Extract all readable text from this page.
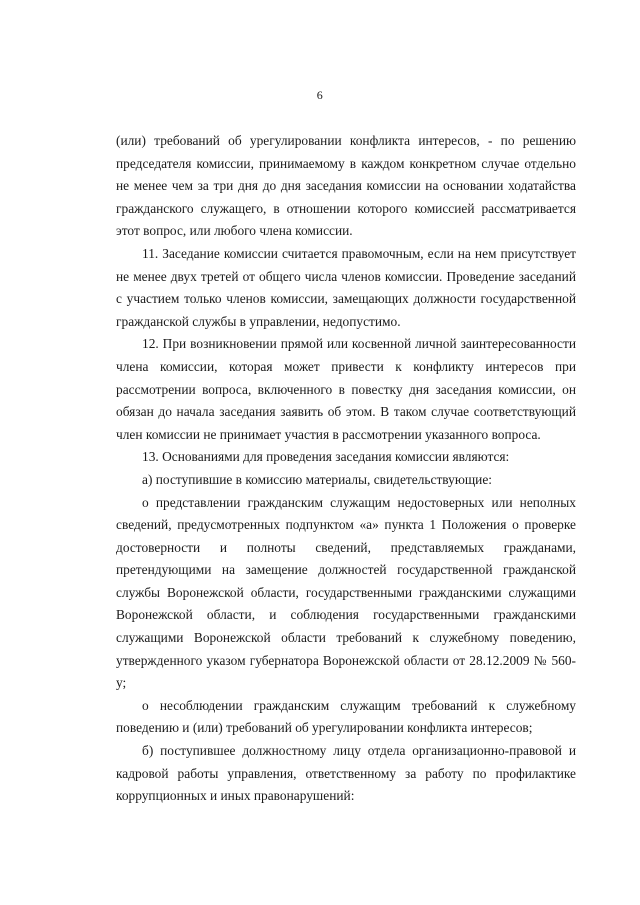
6

(или) требований об урегулировании конфликта интересов, - по решению председателя комиссии, принимаемому в каждом конкретном случае отдельно не менее чем за три дня до дня заседания комиссии на основании ходатайства гражданского служащего, в отношении которого комиссией рассматривается этот вопрос, или любого члена комиссии.

11. Заседание комиссии считается правомочным, если на нем присутствует не менее двух третей от общего числа членов комиссии. Проведение заседаний с участием только членов комиссии, замещающих должности государственной гражданской службы в управлении, недопустимо.

12. При возникновении прямой или косвенной личной заинтересованности члена комиссии, которая может привести к конфликту интересов при рассмотрении вопроса, включенного в повестку дня заседания комиссии, он обязан до начала заседания заявить об этом. В таком случае соответствующий член комиссии не принимает участия в рассмотрении указанного вопроса.

13. Основаниями для проведения заседания комиссии являются:

а) поступившие в комиссию материалы, свидетельствующие:

о представлении гражданским служащим недостоверных или неполных сведений, предусмотренных подпунктом «а» пункта 1 Положения о проверке достоверности и полноты сведений, представляемых гражданами, претендующими на замещение должностей государственной гражданской службы Воронежской области, государственными гражданскими служащими Воронежской области, и соблюдения государственными гражданскими служащими Воронежской области требований к служебному поведению, утвержденного указом губернатора Воронежской области от 28.12.2009 № 560-у;

о несоблюдении гражданским служащим требований к служебному поведению и (или) требований об урегулировании конфликта интересов;

б) поступившее должностному лицу отдела организационно-правовой и кадровой работы управления, ответственному за работу по профилактике коррупционных и иных правонарушений:
